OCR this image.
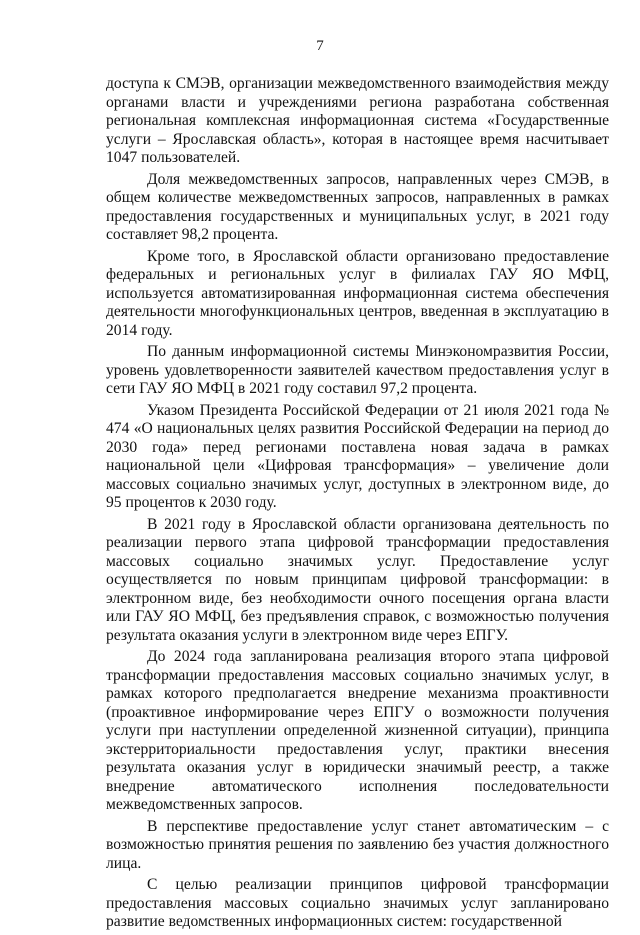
7

доступа к СМЭВ, организации межведомственного взаимодействия между органами власти и учреждениями региона разработана собственная региональная комплексная информационная система «Государственные услуги – Ярославская область», которая в настоящее время насчитывает 1047 пользователей.

Доля межведомственных запросов, направленных через СМЭВ, в общем количестве межведомственных запросов, направленных в рамках предоставления государственных и муниципальных услуг, в 2021 году составляет 98,2 процента.

Кроме того, в Ярославской области организовано предоставление федеральных и региональных услуг в филиалах ГАУ ЯО МФЦ, используется автоматизированная информационная система обеспечения деятельности многофункциональных центров, введенная в эксплуатацию в 2014 году.

По данным информационной системы Минэкономразвития России, уровень удовлетворенности заявителей качеством предоставления услуг в сети ГАУ ЯО МФЦ в 2021 году составил 97,2 процента.

Указом Президента Российской Федерации от 21 июля 2021 года № 474 «О национальных целях развития Российской Федерации на период до 2030 года» перед регионами поставлена новая задача в рамках национальной цели «Цифровая трансформация» – увеличение доли массовых социально значимых услуг, доступных в электронном виде, до 95 процентов к 2030 году.

В 2021 году в Ярославской области организована деятельность по реализации первого этапа цифровой трансформации предоставления массовых социально значимых услуг. Предоставление услуг осуществляется по новым принципам цифровой трансформации: в электронном виде, без необходимости очного посещения органа власти или ГАУ ЯО МФЦ, без предъявления справок, с возможностью получения результата оказания услуги в электронном виде через ЕПГУ.

До 2024 года запланирована реализация второго этапа цифровой трансформации предоставления массовых социально значимых услуг, в рамках которого предполагается внедрение механизма проактивности (проактивное информирование через ЕПГУ о возможности получения услуги при наступлении определенной жизненной ситуации), принципа экстерриториальности предоставления услуг, практики внесения результата оказания услуг в юридически значимый реестр, а также внедрение автоматического исполнения последовательности межведомственных запросов.

В перспективе предоставление услуг станет автоматическим – с возможностью принятия решения по заявлению без участия должностного лица.

С целью реализации принципов цифровой трансформации предоставления массовых социально значимых услуг запланировано развитие ведомственных информационных систем: государственной
